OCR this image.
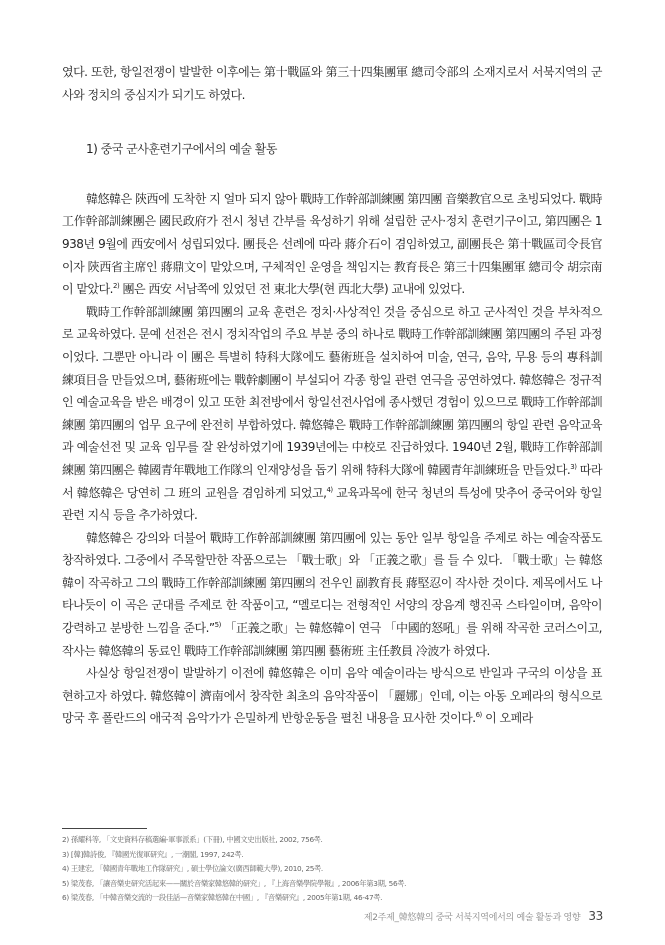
였다. 또한, 항일전쟁이 발발한 이후에는 第十戰區와 第三十四集團軍 總司令部의 소재지로서 서북지역의 군사와 정치의 중심지가 되기도 하였다.

1) 중국 군사훈련기구에서의 예술 활동

韓悠韓은 陝西에 도착한 지 얼마 되지 않아 戰時工作幹部訓練團 第四團 音樂教官으로 초빙되었다. 戰時工作幹部訓練團은 國民政府가 전시 청년 간부를 육성하기 위해 설립한 군사·정치 훈련기구이고, 第四團은 1938년 9월에 西安에서 성립되었다. 團長은 선례에 따라 蔣介石이 겸임하였고, 副團長은 第十戰區司令長官이자 陝西省主席인 蔣鼎文이 맡았으며, 구체적인 운영을 책임지는 教育長은 第三十四集團軍 總司令 胡宗南이 맡았다.$^{2)}$ 團은 西安 서남쪽에 있었던 전 東北大學(현 西北大學) 교내에 있었다.

戰時工作幹部訓練團 第四團의 교육 훈련은 정치·사상적인 것을 중심으로 하고 군사적인 것을 부차적으로 교육하였다. 문예 선전은 전시 정치작업의 주요 부분 중의 하나로 戰時工作幹部訓練團 第四團의 주된 과정이었다. 그뿐만 아니라 이 團은 특별히 特科大隊에도 藝術班을 설치하여 미술, 연극, 음악, 무용 등의 專科訓練項目을 만들었으며, 藝術班에는 戰幹劇團이 부설되어 각종 항일 관련 연극을 공연하였다. 韓悠韓은 정규적인 예술교육을 받은 배경이 있고 또한 최전방에서 항일선전사업에 종사했던 경험이 있으므로 戰時工作幹部訓練團 第四團의 업무 요구에 완전히 부합하였다. 韓悠韓은 戰時工作幹部訓練團 第四團의 항일 관련 음악교육과 예술선전 및 교육 임무를 잘 완성하였기에 1939년에는 中校로 진급하였다. 1940년 2월, 戰時工作幹部訓練團 第四團은 韓國青年戰地工作隊의 인재양성을 돕기 위해 特科大隊에 韓國青年訓練班을 만들었다.$^{3)}$ 따라서 韓悠韓은 당연히 그 班의 교원을 겸임하게 되었고,$^{4)}$ 교육과목에 한국 청년의 특성에 맞추어 중국어와 항일 관련 지식 등을 추가하였다.

韓悠韓은 강의와 더불어 戰時工作幹部訓練團 第四團에 있는 동안 일부 항일을 주제로 하는 예술작품도 창작하였다. 그중에서 주목할만한 작품으로는 「戰士歌」와 「正義之歌」를 들 수 있다. 「戰士歌」는 韓悠韓이 작곡하고 그의 戰時工作幹部訓練團 第四團의 전우인 副教育長 蔣堅忍이 작사한 것이다. 제목에서도 나타나듯이 이 곡은 군대를 주제로 한 작품이고, “멜로디는 전형적인 서양의 장음계 행진곡 스타일이며, 음악이 강력하고 분방한 느낌을 준다.”$^{5)}$ 「正義之歌」는 韓悠韓이 연극 「中國的怒吼」를 위해 작곡한 코러스이고, 작사는 韓悠韓의 동료인 戰時工作幹部訓練團 第四團 藝術班 主任教員 冷波가 하였다.

사실상 항일전쟁이 발발하기 이전에 韓悠韓은 이미 음악 예술이라는 방식으로 반일과 구국의 이상을 표현하고자 하였다. 韓悠韓이 濟南에서 창작한 최초의 음악작품이 「麗娜」인데, 이는 아동 오페라의 형식으로 망국 후 폴란드의 애국적 음악가가 은밀하게 반항운동을 펼친 내용을 묘사한 것이다.$^{6)}$ 이 오페라

2) 孫耀科等, 「文史資料存稿選編-軍事派系」(下冊), 中國文史出版社, 2002, 756쪽.
3) [韓]韓詩俊, 『韓國光復軍研究』, 一潮閣, 1997, 242쪽.
4) 王建宏, 「韓國青年戰地工作隊研究」, 碩士學位論文(廣西師範大學), 2010, 25쪽.
5) 梁茂春, 「讓音樂史研究活起來——關於音樂家韓悠韓的研究」, 『上海音樂學院學報』, 2006年第3期, 56쪽.
6) 梁茂春, 「中韓音樂交流的一段佳話—音樂家韓悠韓在中國」, 『音樂研究』, 2005年第1期, 46-47쪽.
제2주제_韓悠韓의 중국 서북지역에서의 예술 활동과 영향 33
